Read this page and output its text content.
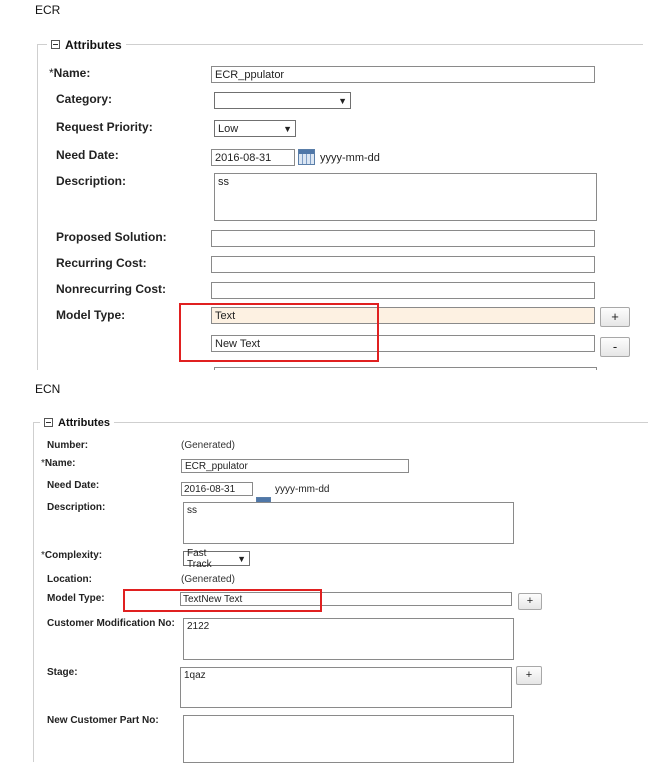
ECR
Attributes
*Name:	ECR_ppulator
Category:	▼
Request Priority:	Low	▼
Need Date:	2016-08-31	yyyy-mm-dd
Description:	ss
Proposed Solution:
Recurring Cost:
Nonrecurring Cost:
Model Type:	Text	+
New Text	-
ECN
Attributes
Number:	(Generated)
*Name:	ECR_ppulator
Need Date:	2016-08-31	yyyy-mm-dd
Description:	ss
*Complexity:	Fast Track	▼
Location:	(Generated)
Model Type:	TextNew Text	+
Customer Modification No:	2122
Stage:	1qaz	+
New Customer Part No:
